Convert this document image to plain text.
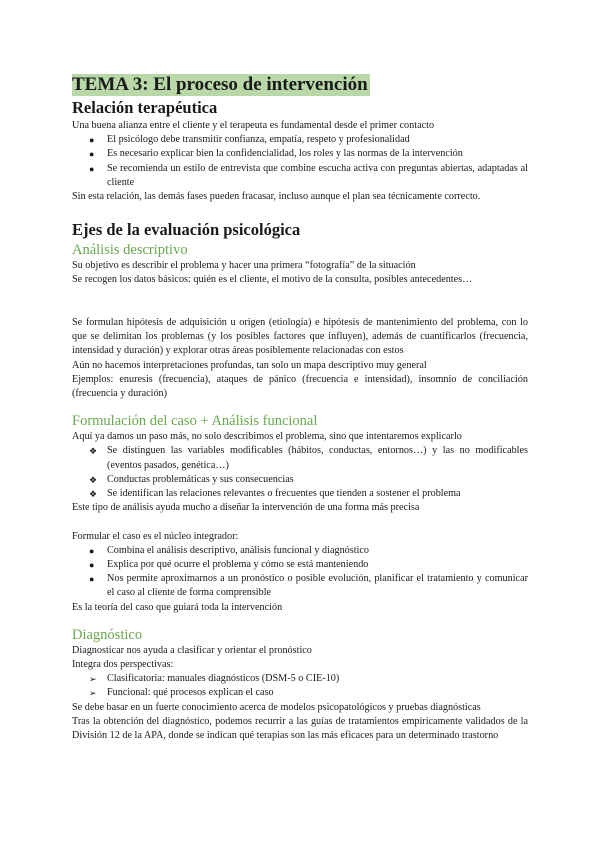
TEMA 3: El proceso de intervención
Relación terapéutica

Una buena alianza entre el cliente y el terapeuta es fundamental desde el primer contacto

● El psicólogo debe transmitir confianza, empatía, respeto y profesionalidad
● Es necesario explicar bien la confidencialidad, los roles y las normas de la intervención
● Se recomienda un estilo de entrevista que combine escucha activa con preguntas abiertas, adaptadas al cliente

Sin esta relación, las demás fases pueden fracasar, incluso aunque el plan sea técnicamente correcto.

Ejes de la evaluación psicológica
Análisis descriptivo

Su objetivo es describir el problema y hacer una primera “fotografía” de la situación

Se recogen los datos básicos: quién es el cliente, el motivo de la consulta, posibles antecedentes…

Se formulan hipótesis de adquisición u origen (etiología) e hipótesis de mantenimiento del problema, con lo que se delimitan los problemas (y los posibles factores que influyen), además de cuantificarlos (frecuencia, intensidad y duración) y explorar otras áreas posiblemente relacionadas con estos

Aún no hacemos interpretaciones profundas, tan solo un mapa descriptivo muy general

Ejemplos: enuresis (frecuencia), ataques de pánico (frecuencia e intensidad), insomnio de conciliación (frecuencia y duración)

Formulación del caso + Análisis funcional

Aquí ya damos un paso más, no solo describimos el problema, sino que intentaremos explicarlo

❖ Se distinguen las variables modificables (hábitos, conductas, entornos…) y las no modificables (eventos pasados, genética…)
❖ Conductas problemáticas y sus consecuencias
❖ Se identifican las relaciones relevantes o frecuentes que tienden a sostener el problema

Este tipo de análisis ayuda mucho a diseñar la intervención de una forma más precisa

Formular el caso es el núcleo integrador:

● Combina el análisis descriptivo, análisis funcional y diagnóstico
● Explica por qué ocurre el problema y cómo se está manteniendo
● Nos permite aproximarnos a un pronóstico o posible evolución, planificar el tratamiento y comunicar el caso al cliente de forma comprensible

Es la teoría del caso que guiará toda la intervención

Diagnóstico

Diagnosticar nos ayuda a clasificar y orientar el pronóstico

Integra dos perspectivas:

➢ Clasificatoria: manuales diagnósticos (DSM-5 o CIE-10)
➢ Funcional: qué procesos explican el caso

Se debe basar en un fuerte conocimiento acerca de modelos psicopatológicos y pruebas diagnósticas

Tras la obtención del diagnóstico, podemos recurrir a las guías de tratamientos empíricamente validados de la División 12 de la APA, donde se indican qué terapias son las más eficaces para un determinado trastorno
